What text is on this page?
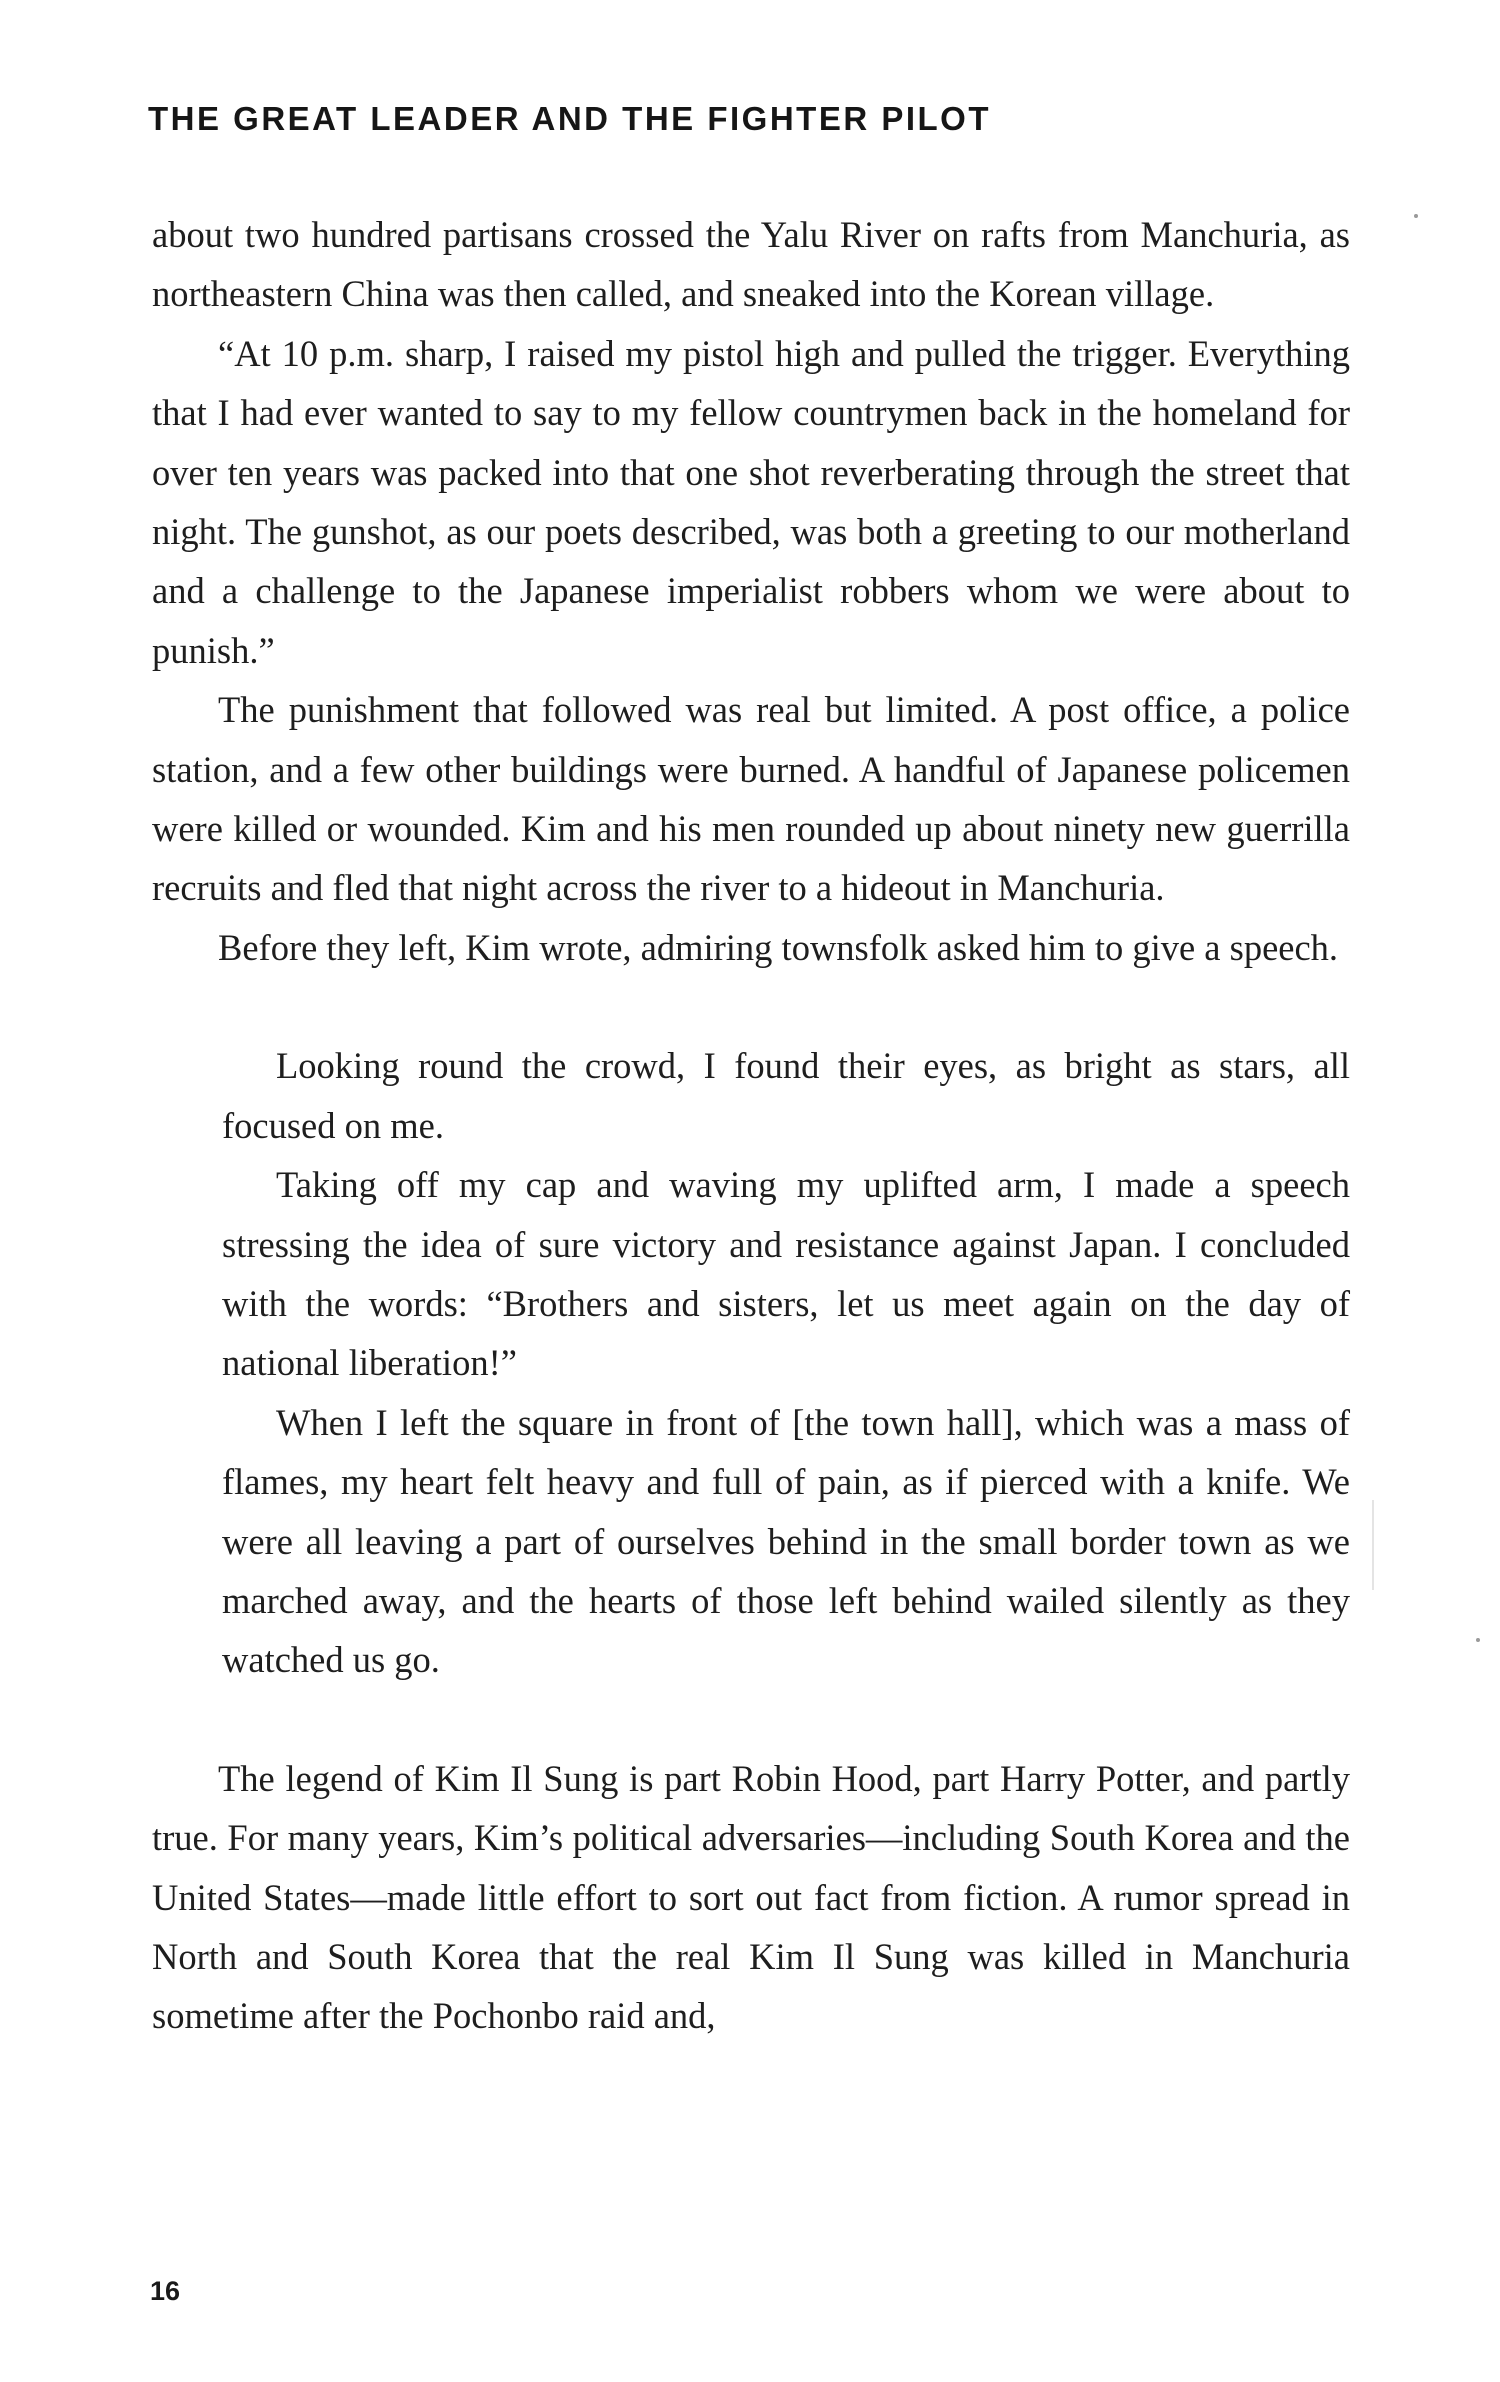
THE GREAT LEADER AND THE FIGHTER PILOT

about two hundred partisans crossed the Yalu River on rafts from Manchuria, as northeastern China was then called, and sneaked into the Korean village.

“At 10 p.m. sharp, I raised my pistol high and pulled the trigger. Everything that I had ever wanted to say to my fellow countrymen back in the homeland for over ten years was packed into that one shot reverberating through the street that night. The gunshot, as our poets described, was both a greeting to our motherland and a challenge to the Japanese imperialist robbers whom we were about to punish.”

The punishment that followed was real but limited. A post office, a police station, and a few other buildings were burned. A handful of Japanese policemen were killed or wounded. Kim and his men rounded up about ninety new guerrilla recruits and fled that night across the river to a hideout in Manchuria.

Before they left, Kim wrote, admiring townsfolk asked him to give a speech.

Looking round the crowd, I found their eyes, as bright as stars, all focused on me.

Taking off my cap and waving my uplifted arm, I made a speech stressing the idea of sure victory and resistance against Japan. I concluded with the words: “Brothers and sisters, let us meet again on the day of national liberation!”

When I left the square in front of [the town hall], which was a mass of flames, my heart felt heavy and full of pain, as if pierced with a knife. We were all leaving a part of ourselves behind in the small border town as we marched away, and the hearts of those left behind wailed silently as they watched us go.

The legend of Kim Il Sung is part Robin Hood, part Harry Potter, and partly true. For many years, Kim’s political adversaries—including South Korea and the United States—made little effort to sort out fact from fiction. A rumor spread in North and South Korea that the real Kim Il Sung was killed in Manchuria sometime after the Pochonbo raid and,

16
